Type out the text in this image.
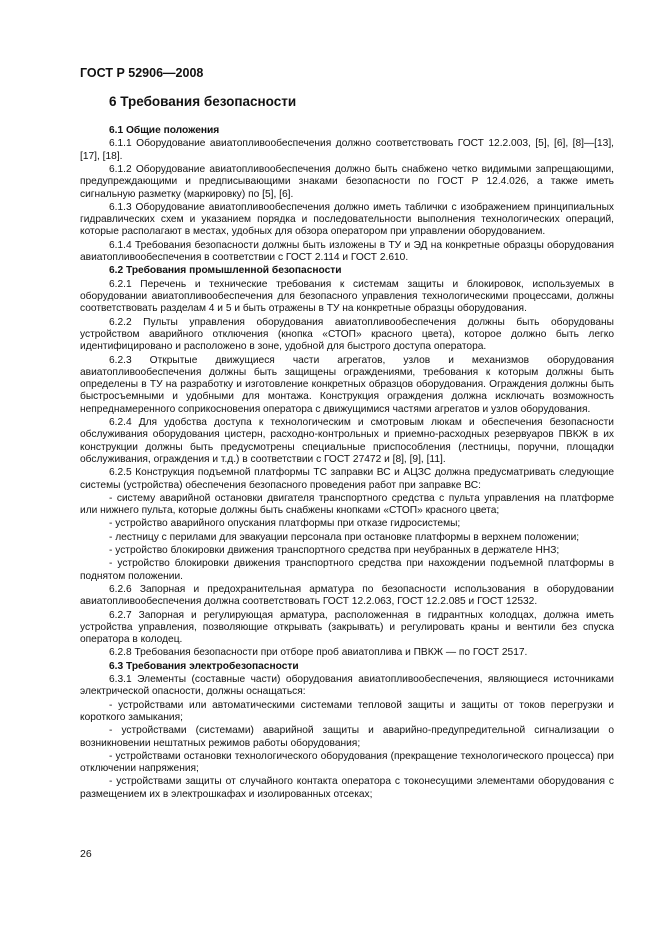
ГОСТ Р 52906—2008
6 Требования безопасности
6.1 Общие положения

6.1.1 Оборудование авиатопливообеспечения должно соответствовать ГОСТ 12.2.003, [5], [6], [8]—[13], [17], [18].

6.1.2 Оборудование авиатопливообеспечения должно быть снабжено четко видимыми запрещающими, предупреждающими и предписывающими знаками безопасности по ГОСТ Р 12.4.026, а также иметь сигнальную разметку (маркировку) по [5], [6].

6.1.3 Оборудование авиатопливообеспечения должно иметь таблички с изображением принципиальных гидравлических схем и указанием порядка и последовательности выполнения технологических операций, которые располагают в местах, удобных для обзора оператором при управлении оборудованием.

6.1.4 Требования безопасности должны быть изложены в ТУ и ЭД на конкретные образцы оборудования авиатопливообеспечения в соответствии с ГОСТ 2.114 и ГОСТ 2.610.

6.2 Требования промышленной безопасности

6.2.1 Перечень и технические требования к системам защиты и блокировок, используемых в оборудовании авиатопливообеспечения для безопасного управления технологическими процессами, должны соответствовать разделам 4 и 5 и быть отражены в ТУ на конкретные образцы оборудования.

6.2.2 Пульты управления оборудования авиатопливообеспечения должны быть оборудованы устройством аварийного отключения (кнопка «СТОП» красного цвета), которое должно быть легко идентифицировано и расположено в зоне, удобной для быстрого доступа оператора.

6.2.3 Открытые движущиеся части агрегатов, узлов и механизмов оборудования авиатопливообеспечения должны быть защищены ограждениями, требования к которым должны быть определены в ТУ на разработку и изготовление конкретных образцов оборудования. Ограждения должны быть быстросъемными и удобными для монтажа. Конструкция ограждения должна исключать возможность непреднамеренного соприкосновения оператора с движущимися частями агрегатов и узлов оборудования.

6.2.4 Для удобства доступа к технологическим и смотровым люкам и обеспечения безопасности обслуживания оборудования цистерн, расходно-контрольных и приемно-расходных резервуаров ПВКЖ в их конструкции должны быть предусмотрены специальные приспособления (лестницы, поручни, площадки обслуживания, ограждения и т.д.) в соответствии с ГОСТ 27472 и [8], [9], [11].

6.2.5 Конструкция подъемной платформы ТС заправки ВС и АЦЗС должна предусматривать следующие системы (устройства) обеспечения безопасного проведения работ при заправке ВС:

- систему аварийной остановки двигателя транспортного средства с пульта управления на платформе или нижнего пульта, которые должны быть снабжены кнопками «СТОП» красного цвета;

- устройство аварийного опускания платформы при отказе гидросистемы;

- лестницу с перилами для эвакуации персонала при остановке платформы в верхнем положении;

- устройство блокировки движения транспортного средства при неубранных в держателе ННЗ;

- устройство блокировки движения транспортного средства при нахождении подъемной платформы в поднятом положении.

6.2.6 Запорная и предохранительная арматура по безопасности использования в оборудовании авиатопливообеспечения должна соответствовать ГОСТ 12.2.063, ГОСТ 12.2.085 и ГОСТ 12532.

6.2.7 Запорная и регулирующая арматура, расположенная в гидрантных колодцах, должна иметь устройства управления, позволяющие открывать (закрывать) и регулировать краны и вентили без спуска оператора в колодец.

6.2.8 Требования безопасности при отборе проб авиатоплива и ПВКЖ — по ГОСТ 2517.

6.3 Требования электробезопасности

6.3.1 Элементы (составные части) оборудования авиатопливообеспечения, являющиеся источниками электрической опасности, должны оснащаться:

- устройствами или автоматическими системами тепловой защиты и защиты от токов перегрузки и короткого замыкания;

- устройствами (системами) аварийной защиты и аварийно-предупредительной сигнализации о возникновении нештатных режимов работы оборудования;

- устройствами остановки технологического оборудования (прекращение технологического процесса) при отключении напряжения;

- устройствами защиты от случайного контакта оператора с токонесущими элементами оборудования с размещением их в электрошкафах и изолированных отсеках;

26
